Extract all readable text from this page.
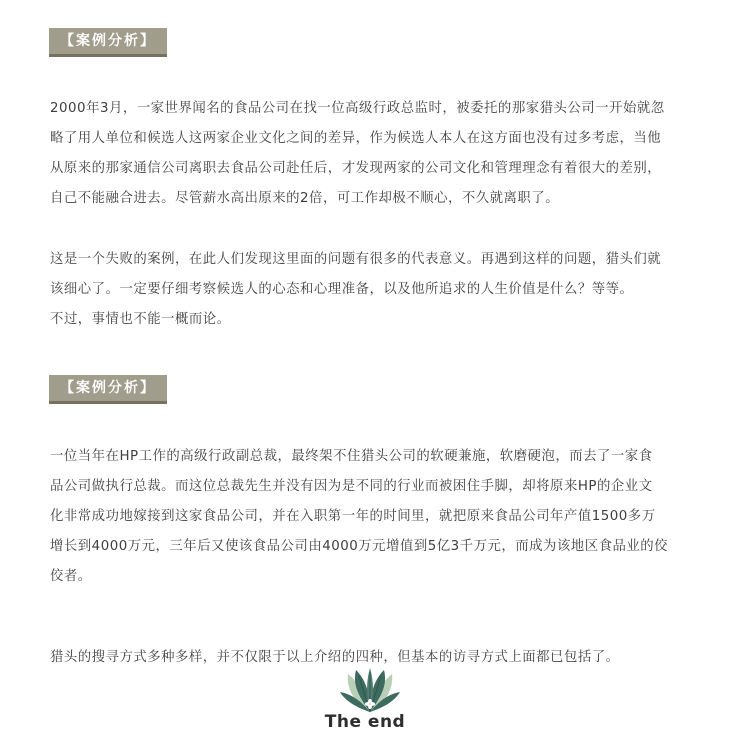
【案例分析】

2000年3月，一家世界闻名的食品公司在找一位高级行政总监时，被委托的那家猎头公司一开始就忽
略了用人单位和候选人这两家企业文化之间的差异，作为候选人本人在这方面也没有过多考虑，当他
从原来的那家通信公司离职去食品公司赴任后，才发现两家的公司文化和管理理念有着很大的差别，
自己不能融合进去。尽管薪水高出原来的2倍，可工作却极不顺心，不久就离职了。

这是一个失败的案例，在此人们发现这里面的问题有很多的代表意义。再遇到这样的问题，猎头们就
该细心了。一定要仔细考察候选人的心态和心理准备，以及他所追求的人生价值是什么？等等。
不过，事情也不能一概而论。

【案例分析】

一位当年在HP工作的高级行政副总裁，最终架不住猎头公司的软硬兼施，软磨硬泡，而去了一家食
品公司做执行总裁。而这位总裁先生并没有因为是不同的行业而被困住手脚，却将原来HP的企业文
化非常成功地嫁接到这家食品公司，并在入职第一年的时间里，就把原来食品公司年产值1500多万
增长到4000万元，三年后又使该食品公司由4000万元增值到5亿3千万元，而成为该地区食品业的佼
佼者。

猎头的搜寻方式多种多样，并不仅限于以上介绍的四种，但基本的访寻方式上面都已包括了。

The end
